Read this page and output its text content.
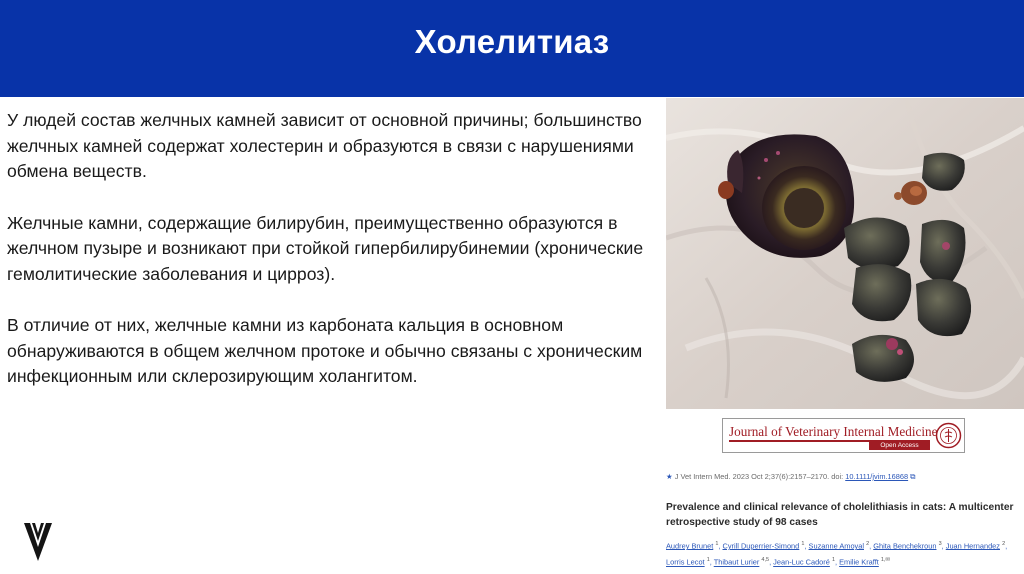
Холелитиаз

У людей состав желчных камней зависит от основной причины; большинство желчных камней содержат холестерин и образуются в связи с нарушениями обмена веществ.

Желчные камни, содержащие билирубин, преимущественно образуются в желчном пузыре и возникают при стойкой гипербилирубинемии (хронические гемолитические заболевания и цирроз).

В отличие от них, желчные камни из карбоната кальция в основном обнаруживаются в общем желчном протоке и обычно связаны с хроническим инфекционным или склерозирующим холангитом.

Journal of Veterinary Internal Medicine
Open Access
★ J Vet Intern Med. 2023 Oct 2;37(6):2157–2170. doi: 10.1111/jvim.16868 ⧉
Prevalence and clinical relevance of cholelithiasis in cats: A multicenter retrospective study of 98 cases
Audrey Brunet $^1$, Cyrill Duperrier-Simond $^1$, Suzanne Amoyal $^2$, Ghita Benchekroun $^3$, Juan Hernandez $^2$, Lorris Lecot $^1$, Thibaut Lurier $^{4,5}$, Jean-Luc Cadoré $^1$, Emilie Krafft $^{1,✉}$
